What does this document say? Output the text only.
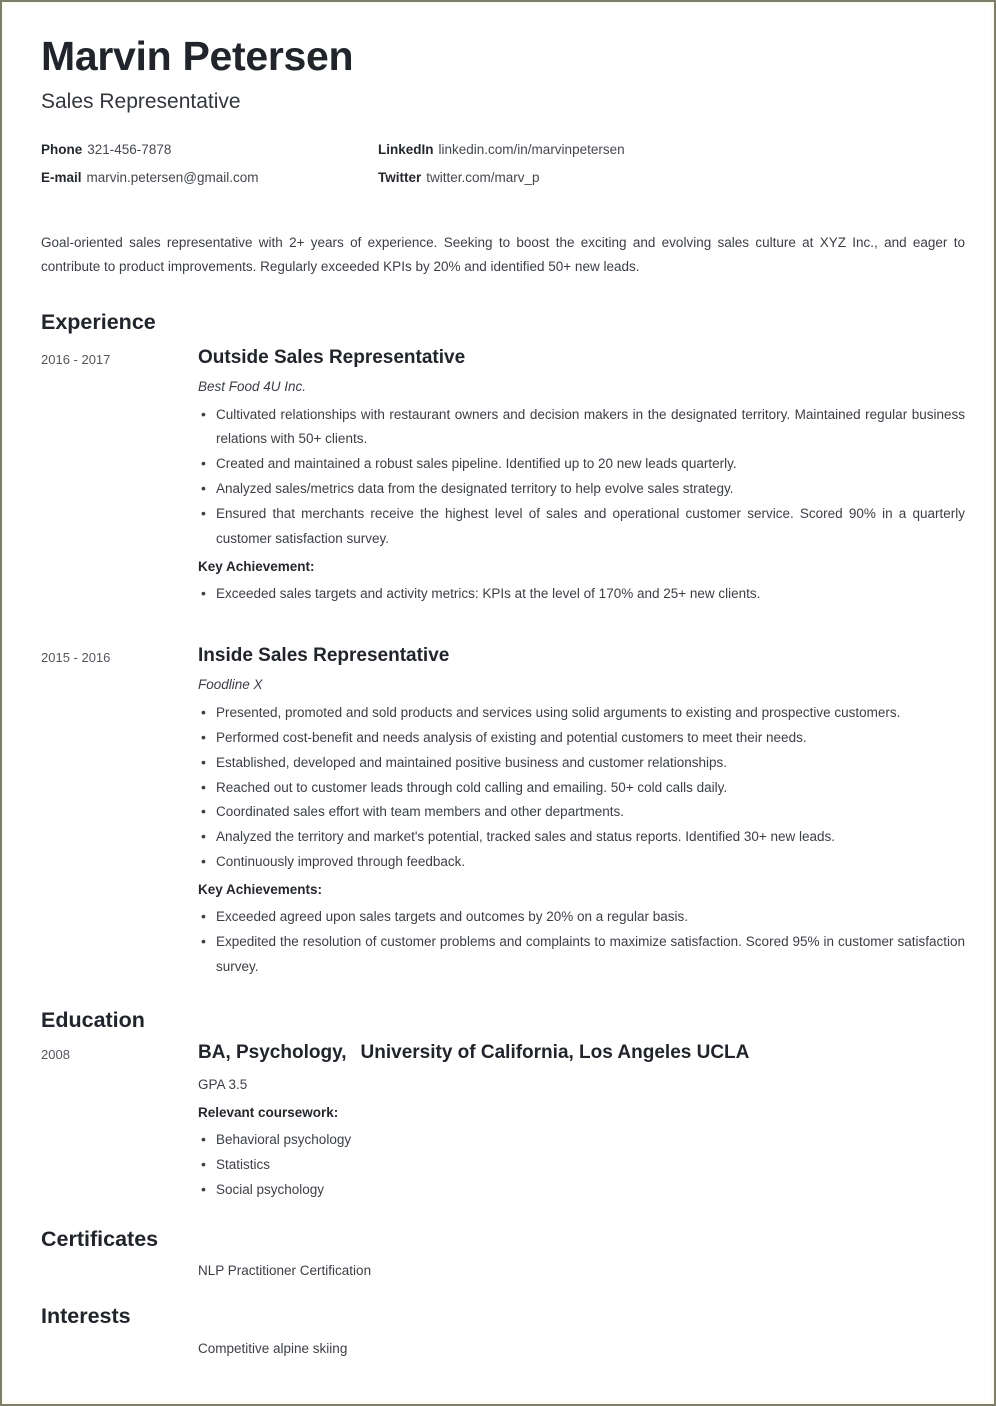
Marvin Petersen
Sales Representative
Phone 321-456-7878	LinkedIn linkedin.com/in/marvinpetersen
E-mail marvin.petersen@gmail.com	Twitter twitter.com/marv_p

Goal-oriented sales representative with 2+ years of experience. Seeking to boost the exciting and evolving sales culture at XYZ Inc., and eager to contribute to product improvements. Regularly exceeded KPIs by 20% and identified 50+ new leads.

Experience
2016 - 2017	Outside Sales Representative
Best Food 4U Inc.
• Cultivated relationships with restaurant owners and decision makers in the designated territory. Maintained regular business relations with 50+ clients.
• Created and maintained a robust sales pipeline. Identified up to 20 new leads quarterly.
• Analyzed sales/metrics data from the designated territory to help evolve sales strategy.
• Ensured that merchants receive the highest level of sales and operational customer service. Scored 90% in a quarterly customer satisfaction survey.
Key Achievement:
• Exceeded sales targets and activity metrics: KPIs at the level of 170% and 25+ new clients.
2015 - 2016	Inside Sales Representative
Foodline X
• Presented, promoted and sold products and services using solid arguments to existing and prospective customers.
• Performed cost-benefit and needs analysis of existing and potential customers to meet their needs.
• Established, developed and maintained positive business and customer relationships.
• Reached out to customer leads through cold calling and emailing. 50+ cold calls daily.
• Coordinated sales effort with team members and other departments.
• Analyzed the territory and market's potential, tracked sales and status reports. Identified 30+ new leads.
• Continuously improved through feedback.
Key Achievements:
• Exceeded agreed upon sales targets and outcomes by 20% on a regular basis.
• Expedited the resolution of customer problems and complaints to maximize satisfaction. Scored 95% in customer satisfaction survey.
Education
2008	BA, Psychology, University of California, Los Angeles UCLA
GPA 3.5
Relevant coursework:
• Behavioral psychology
• Statistics
• Social psychology
Certificates
NLP Practitioner Certification
Interests
Competitive alpine skiing
